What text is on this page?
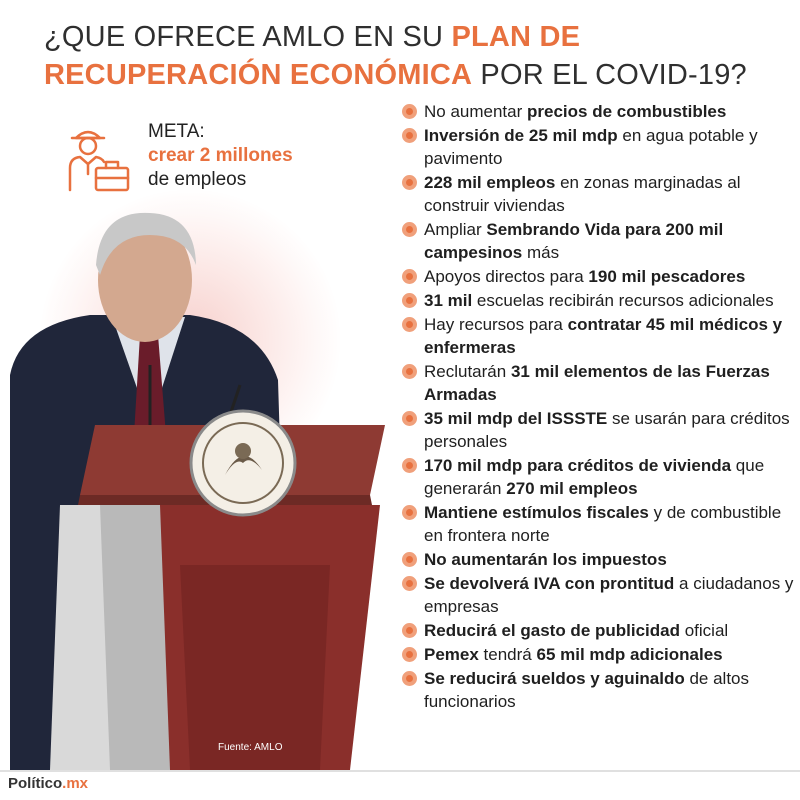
¿QUE OFRECE AMLO EN SU PLAN DE RECUPERACIÓN ECONÓMICA POR EL COVID-19?
META:
crear 2 millones
de empleos
Fuente: AMLO
No aumentar precios de combustibles
Inversión de 25 mil mdp en agua potable y pavimento
228 mil empleos en zonas marginadas al construir viviendas
Ampliar Sembrando Vida para 200 mil campesinos más
Apoyos directos para 190 mil pescadores
31 mil escuelas recibirán recursos adicionales
Hay recursos para contratar 45 mil médicos y enfermeras
Reclutarán 31 mil elementos de las Fuerzas Armadas
35 mil mdp del ISSSTE se usarán para créditos personales
170 mil mdp para créditos de vivienda que generarán 270 mil empleos
Mantiene estímulos fiscales y de combustible en frontera norte
No aumentarán los impuestos
Se devolverá IVA con prontitud a ciudadanos y empresas
Reducirá el gasto de publicidad oficial
Pemex tendrá 65 mil mdp adicionales
Se reducirá sueldos y aguinaldo de altos funcionarios
Político.mx
